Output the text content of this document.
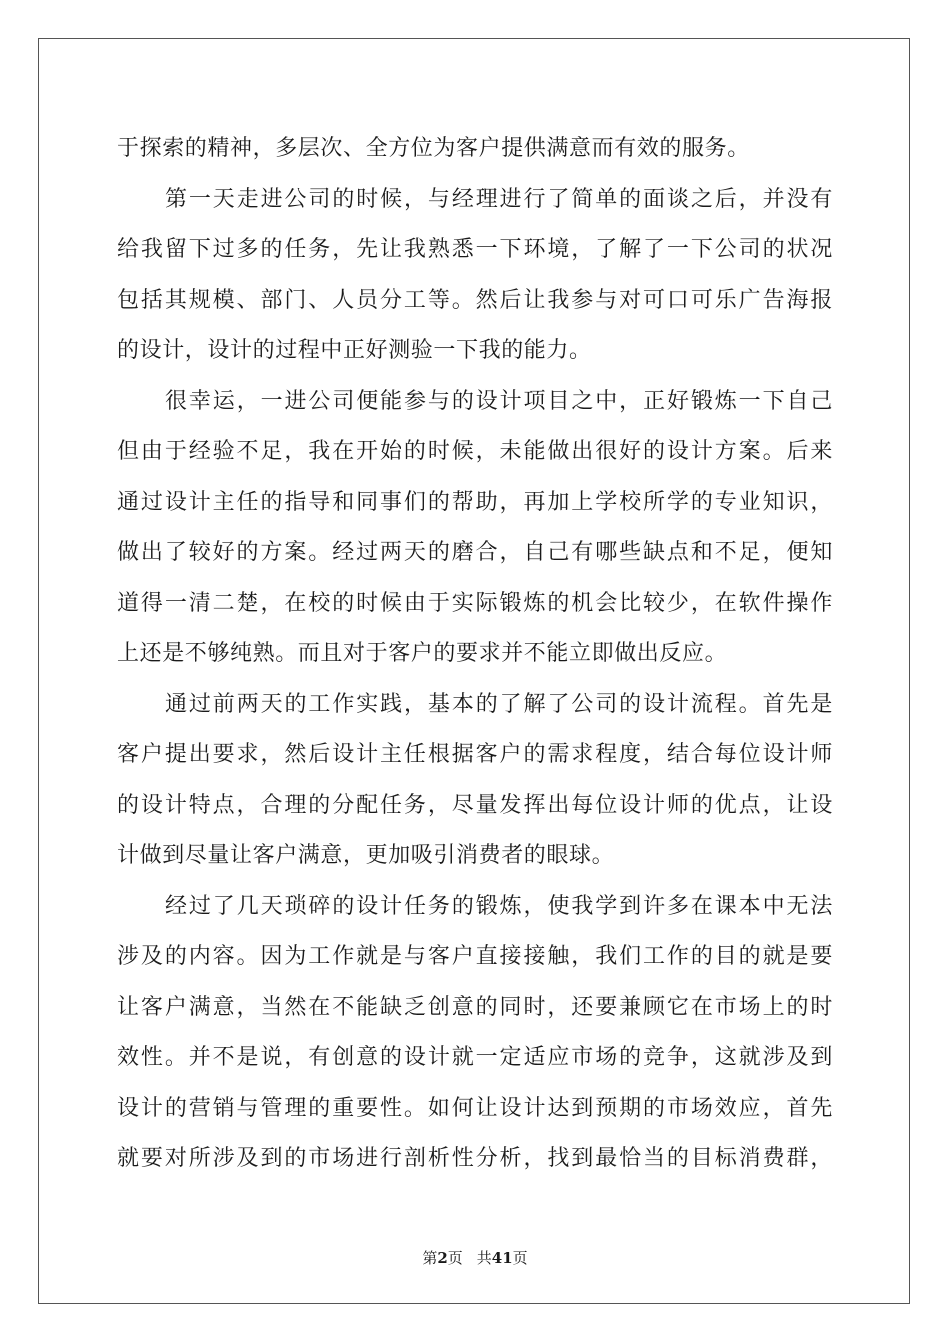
于探索的精神，多层次、全方位为客户提供满意而有效的服务。
第一天走进公司的时候，与经理进行了简单的面谈之后，并没有
给我留下过多的任务，先让我熟悉一下环境，了解了一下公司的状况
包括其规模、部门、人员分工等。然后让我参与对可口可乐广告海报
的设计，设计的过程中正好测验一下我的能力。
很幸运，一进公司便能参与的设计项目之中，正好锻炼一下自己
但由于经验不足，我在开始的时候，未能做出很好的设计方案。后来
通过设计主任的指导和同事们的帮助，再加上学校所学的专业知识，
做出了较好的方案。经过两天的磨合，自己有哪些缺点和不足，便知
道得一清二楚，在校的时候由于实际锻炼的机会比较少，在软件操作
上还是不够纯熟。而且对于客户的要求并不能立即做出反应。
通过前两天的工作实践，基本的了解了公司的设计流程。首先是
客户提出要求，然后设计主任根据客户的需求程度，结合每位设计师
的设计特点，合理的分配任务，尽量发挥出每位设计师的优点，让设
计做到尽量让客户满意，更加吸引消费者的眼球。
经过了几天琐碎的设计任务的锻炼，使我学到许多在课本中无法
涉及的内容。因为工作就是与客户直接接触，我们工作的目的就是要
让客户满意，当然在不能缺乏创意的同时，还要兼顾它在市场上的时
效性。并不是说，有创意的设计就一定适应市场的竞争，这就涉及到
设计的营销与管理的重要性。如何让设计达到预期的市场效应，首先
就要对所涉及到的市场进行剖析性分析，找到最恰当的目标消费群，
第2页 共41页
